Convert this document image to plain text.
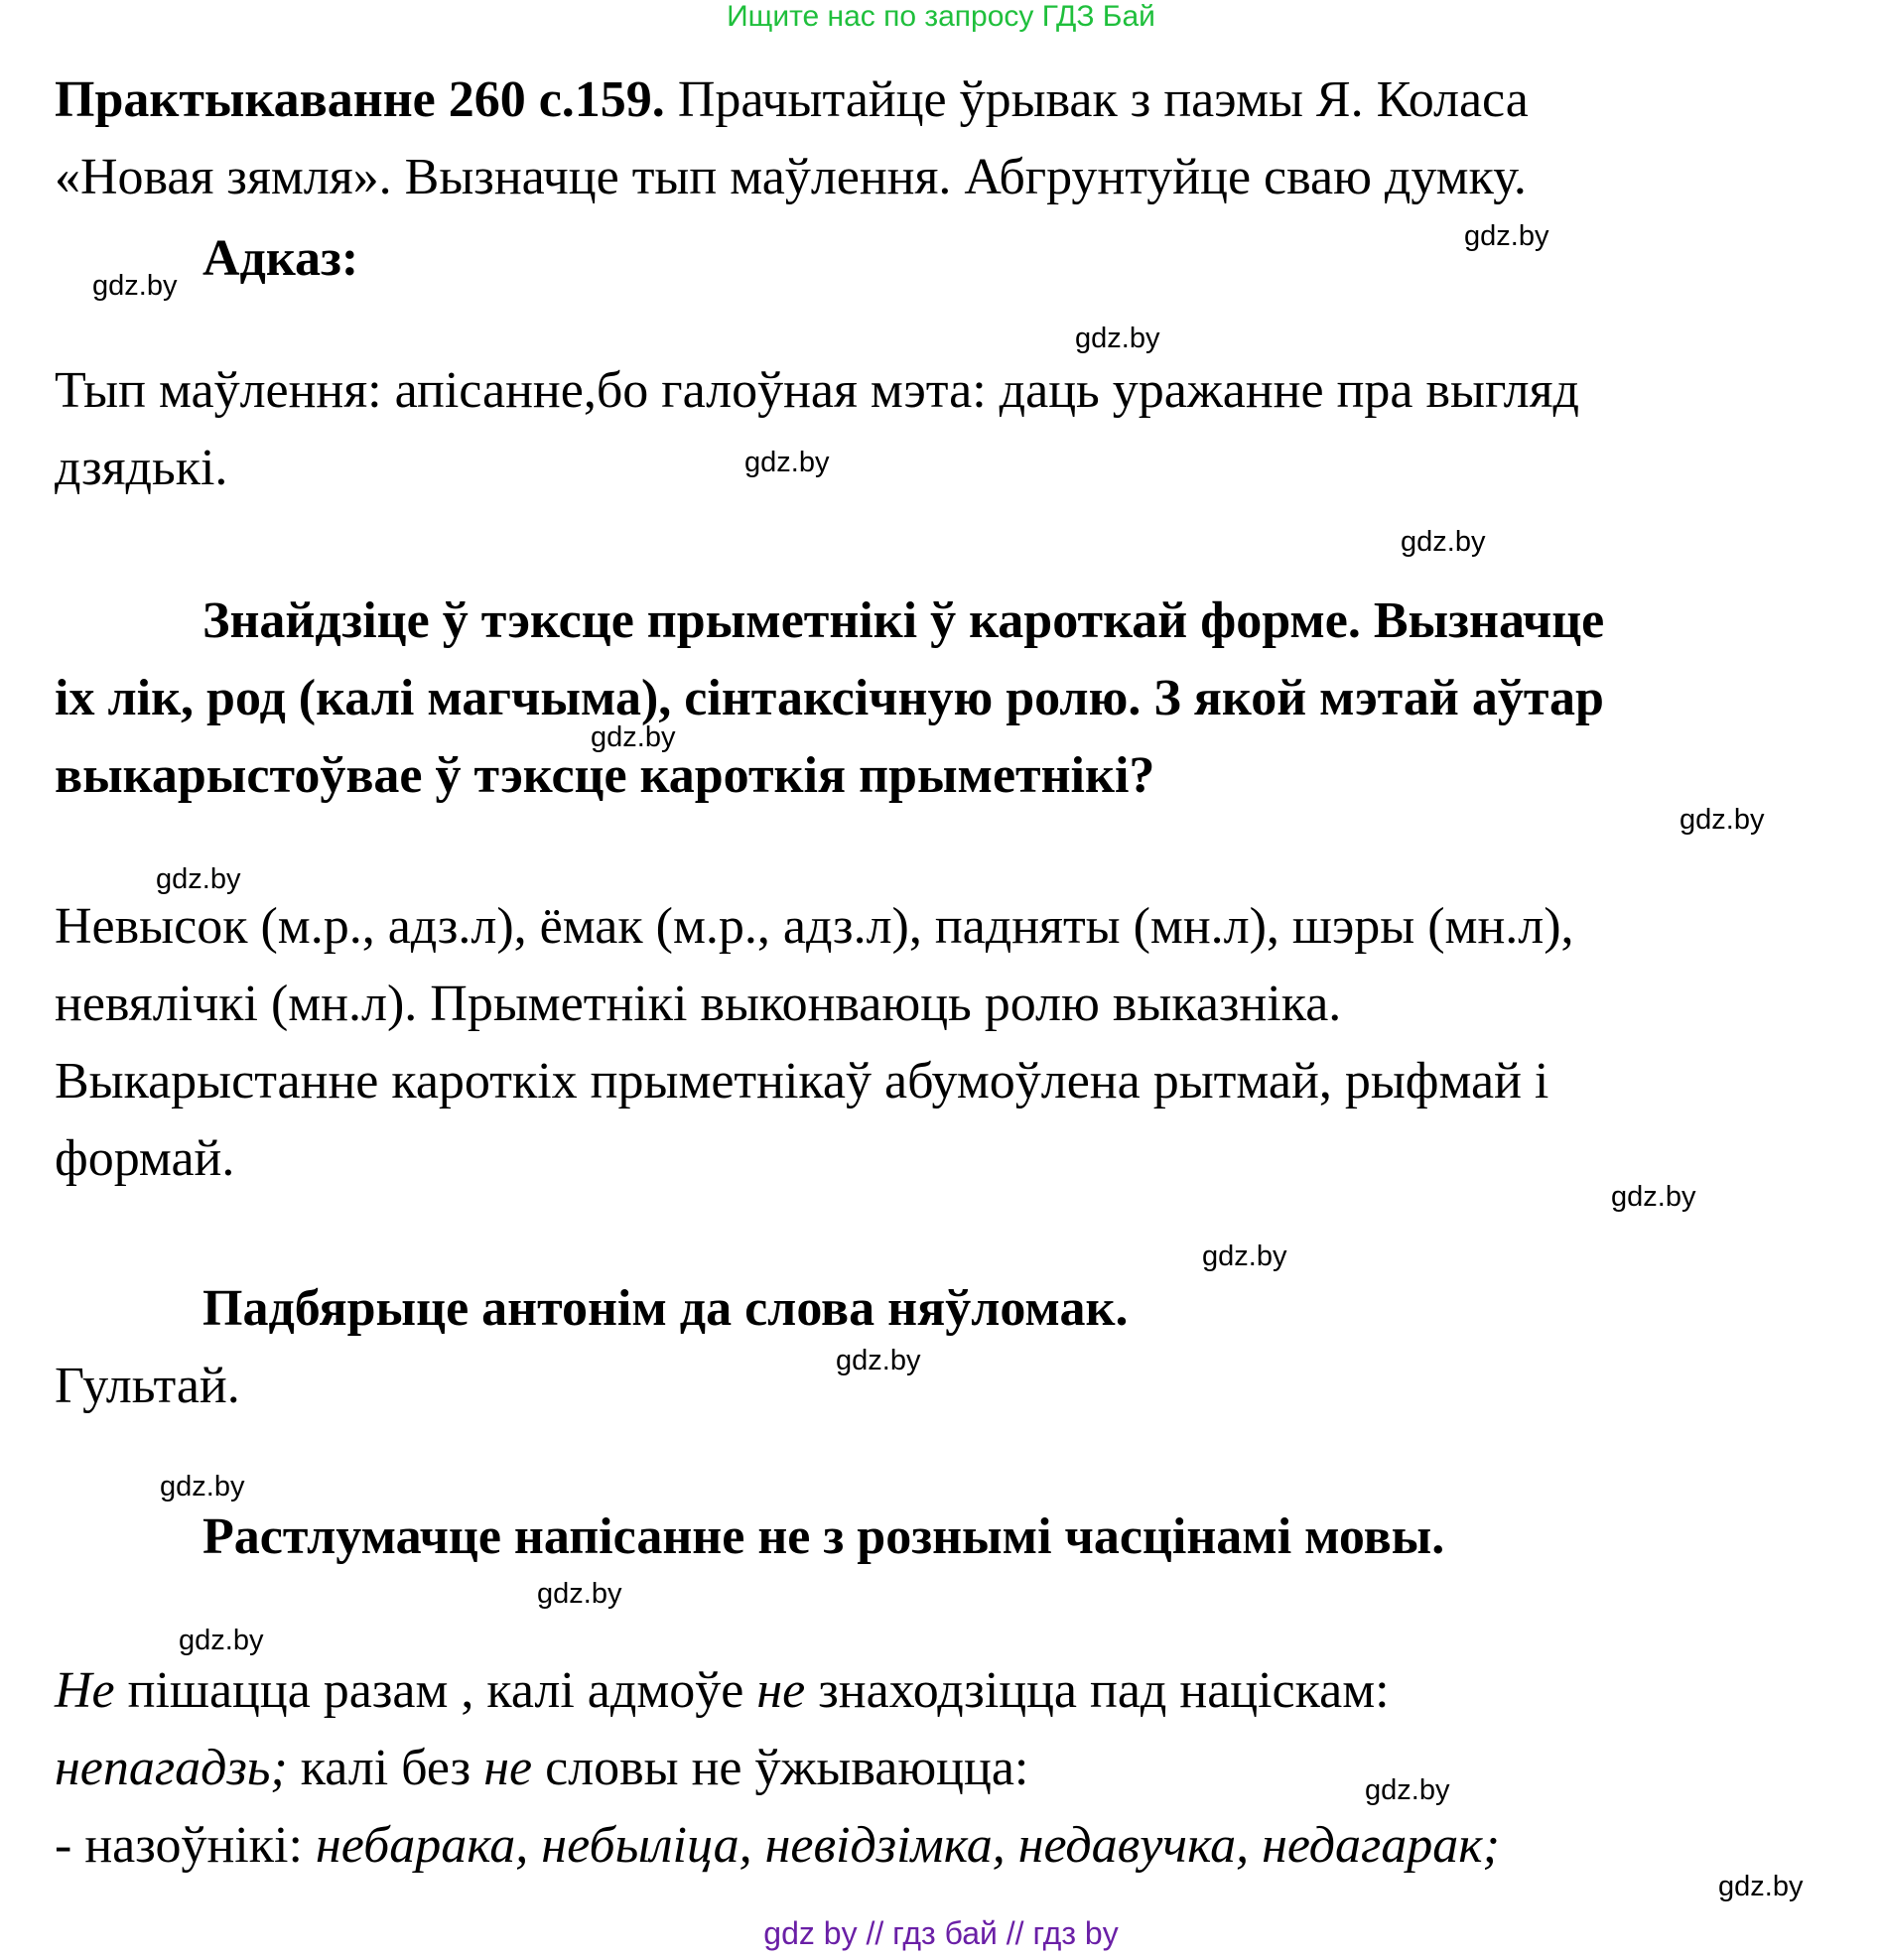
Ищите нас по запросу ГДЗ Бай
Практыкаванне 260 с.159. Прачытайце ўрывак з паэмы Я. Коласа
«Новая зямля». Вызначце тып маўлення. Абгрунтуйце сваю думку.
Адказ:
Тып маўлення: апісанне,бо галоўная мэта: даць уражанне пра выгляд
дзядькі.
Знайдзіце ў тэксце прыметнікі ў кароткай форме. Вызначце
іх лік, род (калі магчыма), сінтаксічную ролю. З якой мэтай аўтар
выкарыстоўвае ў тэксце кароткія прыметнікі?
Невысок (м.р., адз.л), ёмак (м.р., адз.л), падняты (мн.л), шэры (мн.л),
невялічкі (мн.л). Прыметнікі выконваюць ролю выказніка.
Выкарыстанне кароткіх прыметнікаў абумоўлена рытмай, рыфмай і
формай.
Падбярыце антонім да слова няўломак.
Гультай.
Растлумачце напісанне не з рознымі часцінамі мовы.
Не пішацца разам , калі адмоўе не знаходзіцца пад націскам:
непагадзь; калі без не словы не ўжываюцца:
- назоўнікі: небарака, небыліца, невідзімка, недавучка, недагарак;
gdz.by
gdz.by
gdz.by
gdz.by
gdz.by
gdz.by
gdz.by
gdz.by
gdz.by
gdz.by
gdz.by
gdz.by
gdz.by
gdz.by
gdz.by
gdz.by
gdz by // гдз бай // гдз by
